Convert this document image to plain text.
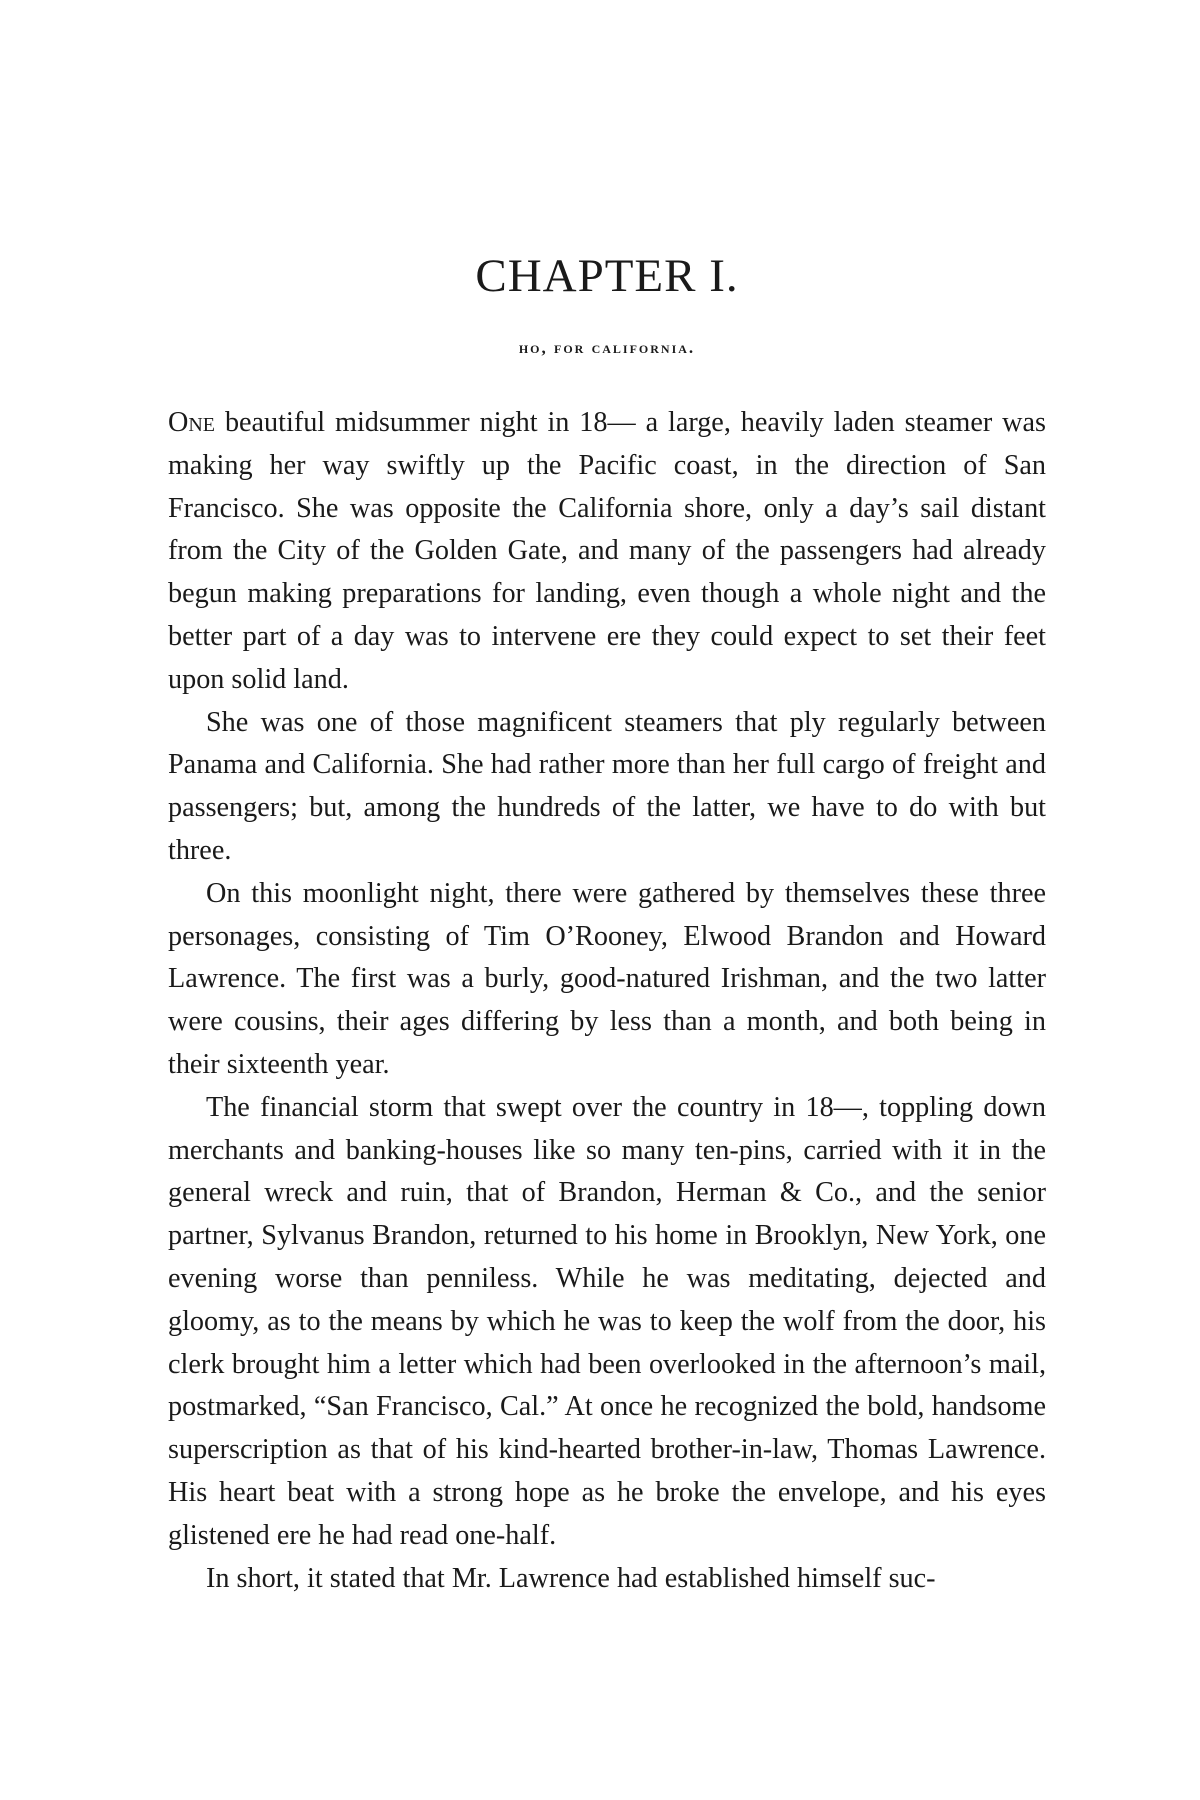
CHAPTER I.
ho, for california.

One beautiful midsummer night in 18— a large, heavily laden steamer was making her way swiftly up the Pacific coast, in the direction of San Francisco. She was opposite the California shore, only a day’s sail distant from the City of the Golden Gate, and many of the passengers had already begun making preparations for landing, even though a whole night and the better part of a day was to intervene ere they could expect to set their feet upon solid land.

She was one of those magnificent steamers that ply regularly between Panama and California. She had rather more than her full cargo of freight and passengers; but, among the hundreds of the latter, we have to do with but three.

On this moonlight night, there were gathered by themselves these three personages, consisting of Tim O’Rooney, Elwood Brandon and Howard Lawrence. The first was a burly, good-natured Irishman, and the two latter were cousins, their ages differing by less than a month, and both being in their sixteenth year.

The financial storm that swept over the country in 18—, toppling down merchants and banking-houses like so many ten-pins, carried with it in the general wreck and ruin, that of Brandon, Herman & Co., and the senior partner, Sylvanus Brandon, returned to his home in Brooklyn, New York, one evening worse than penniless. While he was meditating, dejected and gloomy, as to the means by which he was to keep the wolf from the door, his clerk brought him a letter which had been overlooked in the afternoon’s mail, postmarked, “San Francisco, Cal.” At once he recognized the bold, handsome superscription as that of his kind-hearted brother-in-law, Thomas Lawrence. His heart beat with a strong hope as he broke the envelope, and his eyes glistened ere he had read one-half.

In short, it stated that Mr. Lawrence had established himself suc-
